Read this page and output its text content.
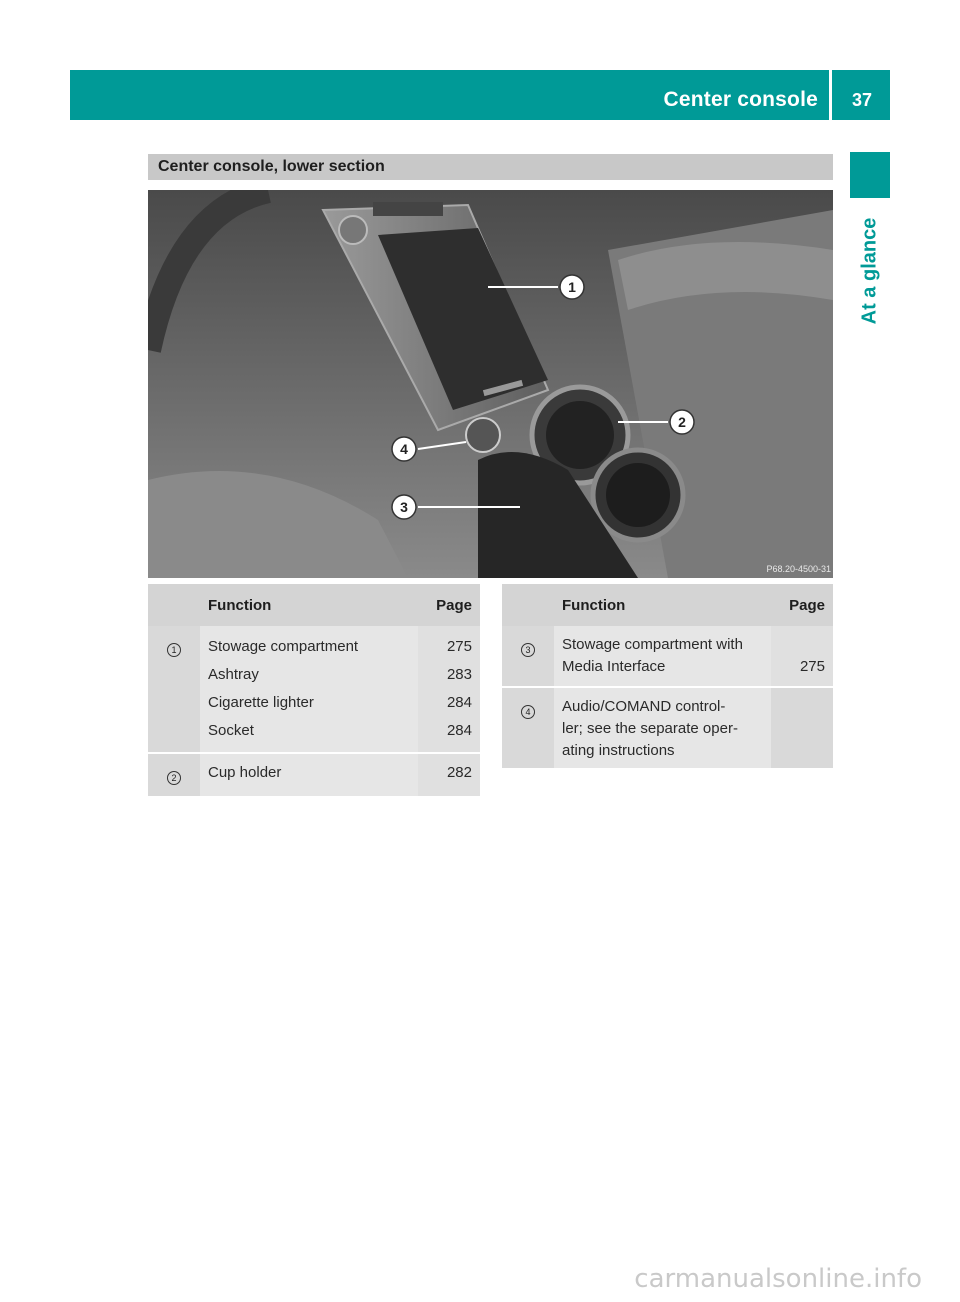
Center console 37
At a glance
Center console, lower section
1
2
3
4
P68.20-4500-31
	Function	Page
1	Stowage compartment	275
	Ashtray	283
	Cigarette lighter	284
	Socket	284
2	Cup holder	282
	Function	Page
3	Stowage compartment with
Media Interface	275
4	Audio/COMAND control-
ler; see the separate oper-
ating instructions	
carmanualsonline.info
